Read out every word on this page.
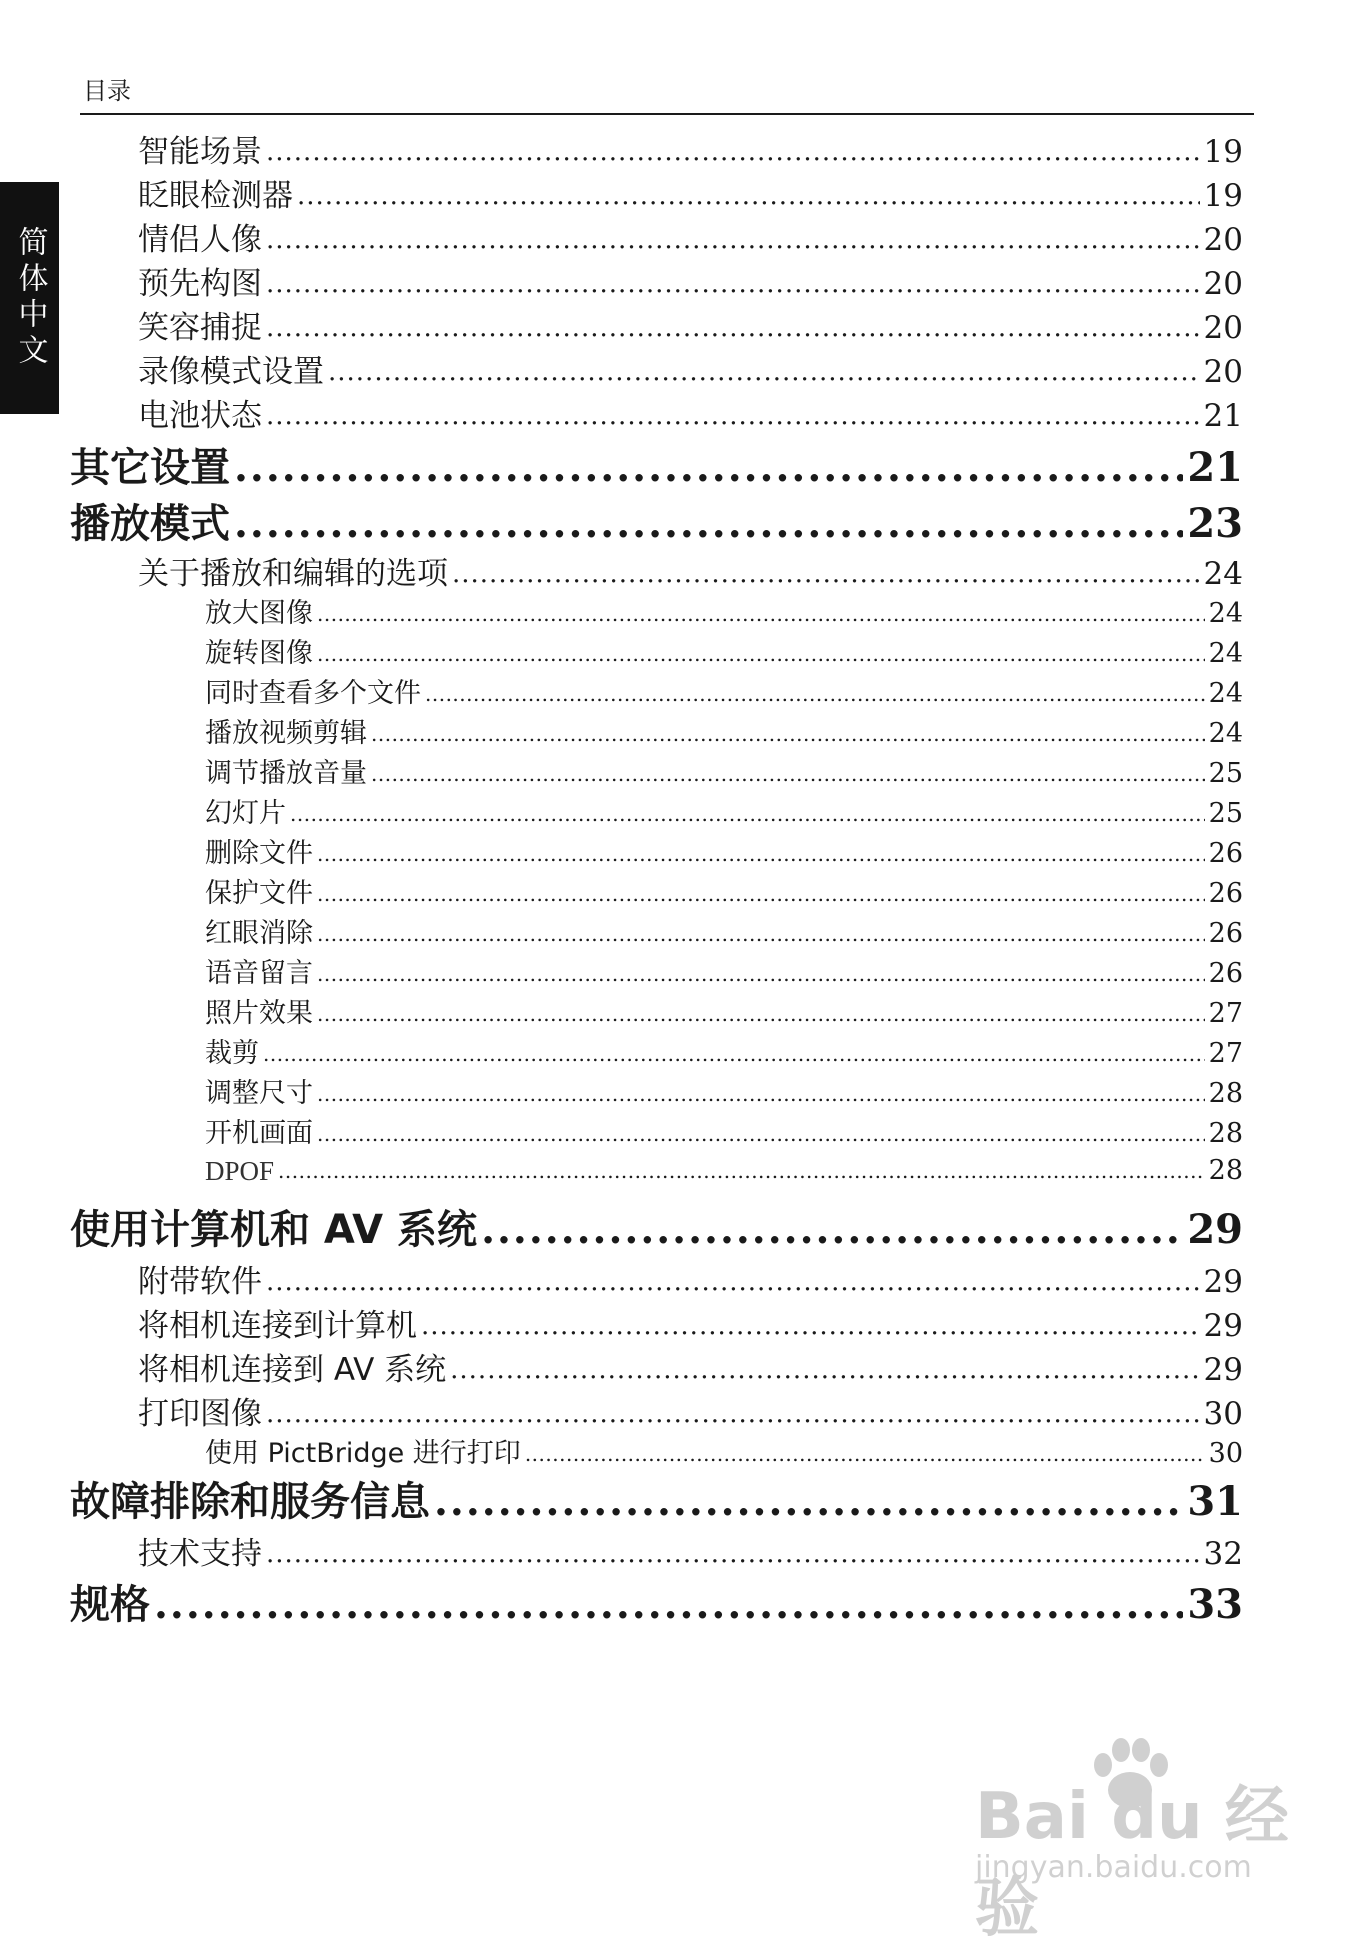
目录
简体中文
智能场景 .....	19
眨眼检测器 .....	19
情侣人像 .....	20
预先构图 .....	20
笑容捕捉 .....	20
录像模式设置 .....	20
电池状态 .....	21
其它设置 .....	21
播放模式 .....	23
关于播放和编辑的选项 .....	24
放大图像 .....	24
旋转图像 .....	24
同时查看多个文件 .....	24
播放视频剪辑 .....	24
调节播放音量 .....	25
幻灯片 .....	25
删除文件 .....	26
保护文件 .....	26
红眼消除 .....	26
语音留言 .....	26
照片效果 .....	27
裁剪 .....	27
调整尺寸 .....	28
开机画面 .....	28
DPOF .....	28
使用计算机和 AV 系统 .....	29
附带软件 .....	29
将相机连接到计算机 .....	29
将相机连接到 AV 系统 .....	29
打印图像 .....	30
使用 PictBridge 进行打印 .....	30
故障排除和服务信息 .....	31
技术支持 .....	32
规格 .....	33
Bai du 经验
jingyan.baidu.com
